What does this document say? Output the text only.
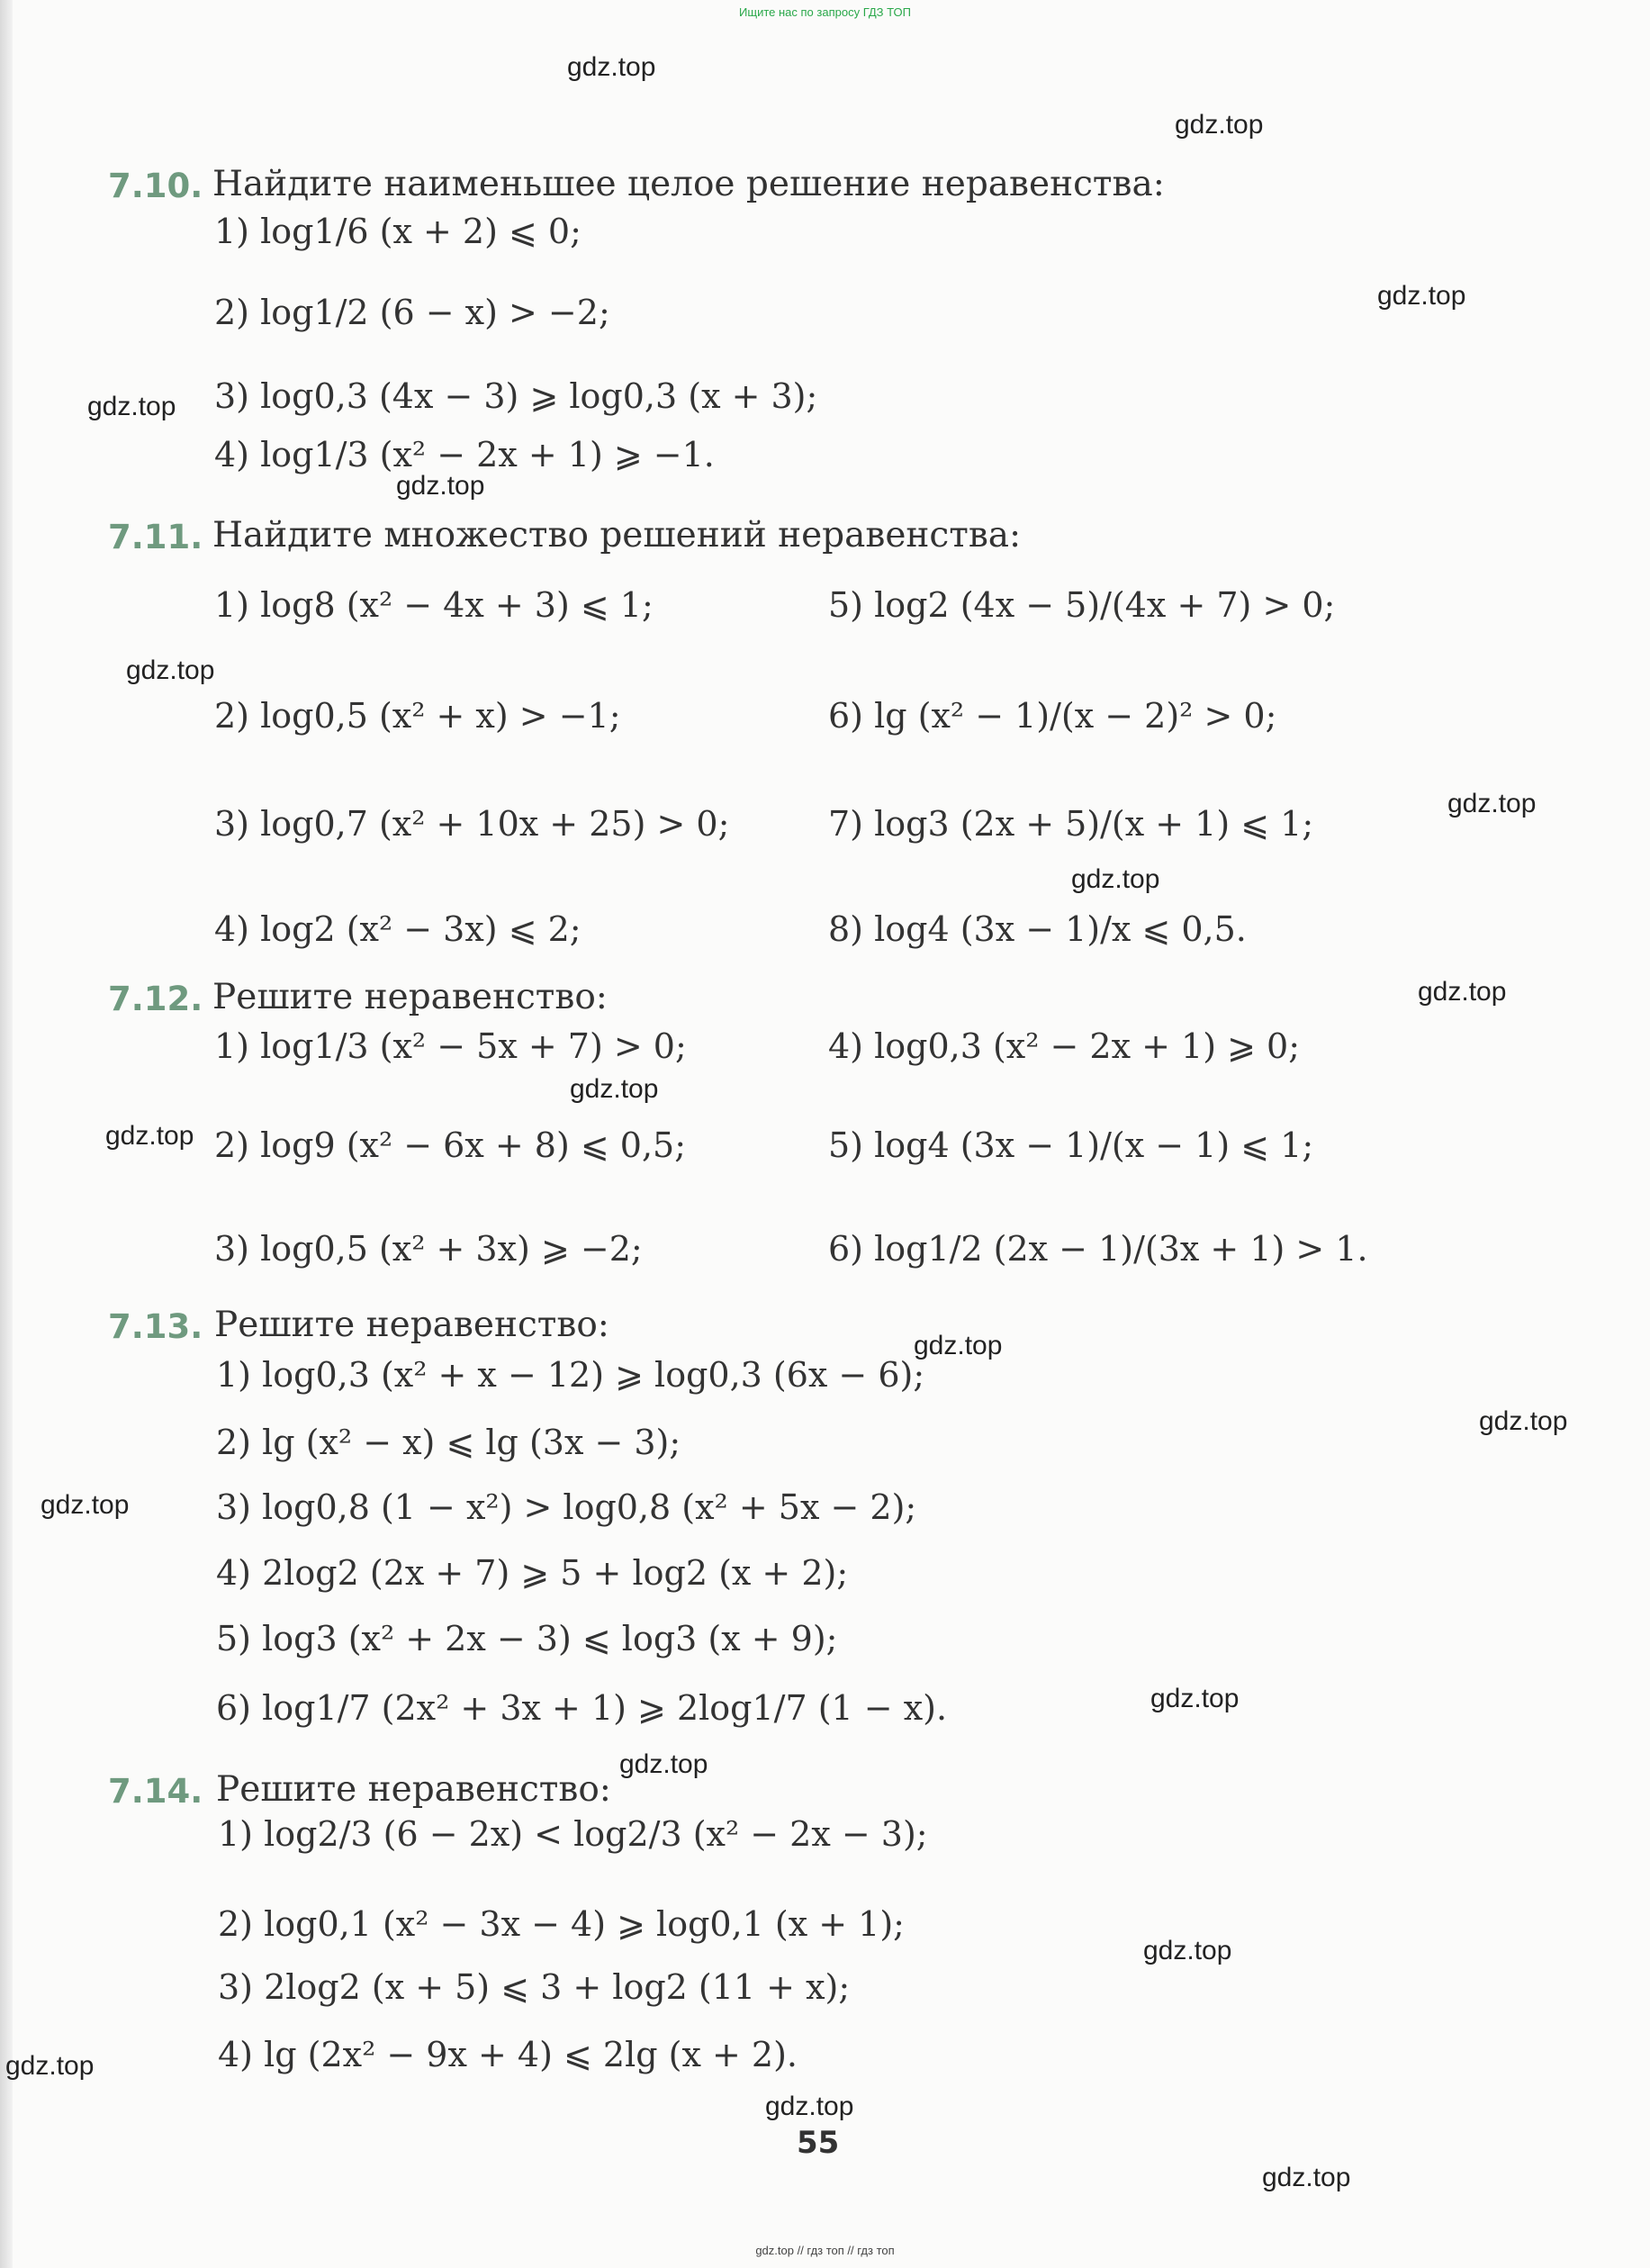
Ищите нас по запросу ГДЗ ТОП
gdz.top
gdz.top
gdz.top
gdz.top
gdz.top
gdz.top
gdz.top
gdz.top
gdz.top
gdz.top
gdz.top
gdz.top
gdz.top
gdz.top
gdz.top
gdz.top
gdz.top
gdz.top
gdz.top
gdz.top
7.10. Найдите наименьшее целое решение неравенства:
1) log1/6 (x + 2) ⩽ 0;
2) log1/2 (6 − x) > −2;
3) log0,3 (4x − 3) ⩾ log0,3 (x + 3);
4) log1/3 (x² − 2x + 1) ⩾ −1.
7.11. Найдите множество решений неравенства:
1) log8 (x² − 4x + 3) ⩽ 1;	5) log2 (4x − 5)/(4x + 7) > 0;
2) log0,5 (x² + x) > −1;	6) lg (x² − 1)/(x − 2)² > 0;
3) log0,7 (x² + 10x + 25) > 0;	7) log3 (2x + 5)/(x + 1) ⩽ 1;
4) log2 (x² − 3x) ⩽ 2;	8) log4 (3x − 1)/x ⩽ 0,5.
7.12. Решите неравенство:
1) log1/3 (x² − 5x + 7) > 0;	4) log0,3 (x² − 2x + 1) ⩾ 0;
2) log9 (x² − 6x + 8) ⩽ 0,5;	5) log4 (3x − 1)/(x − 1) ⩽ 1;
3) log0,5 (x² + 3x) ⩾ −2;	6) log1/2 (2x − 1)/(3x + 1) > 1.
7.13. Решите неравенство:
1) log0,3 (x² + x − 12) ⩾ log0,3 (6x − 6);
2) lg (x² − x) ⩽ lg (3x − 3);
3) log0,8 (1 − x²) > log0,8 (x² + 5x − 2);
4) 2log2 (2x + 7) ⩾ 5 + log2 (x + 2);
5) log3 (x² + 2x − 3) ⩽ log3 (x + 9);
6) log1/7 (2x² + 3x + 1) ⩾ 2log1/7 (1 − x).
7.14. Решите неравенство:
1) log2/3 (6 − 2x) < log2/3 (x² − 2x − 3);
2) log0,1 (x² − 3x − 4) ⩾ log0,1 (x + 1);
3) 2log2 (x + 5) ⩽ 3 + log2 (11 + x);
4) lg (2x² − 9x + 4) ⩽ 2lg (x + 2).
55
gdz.top // гдз топ // гдз топ
